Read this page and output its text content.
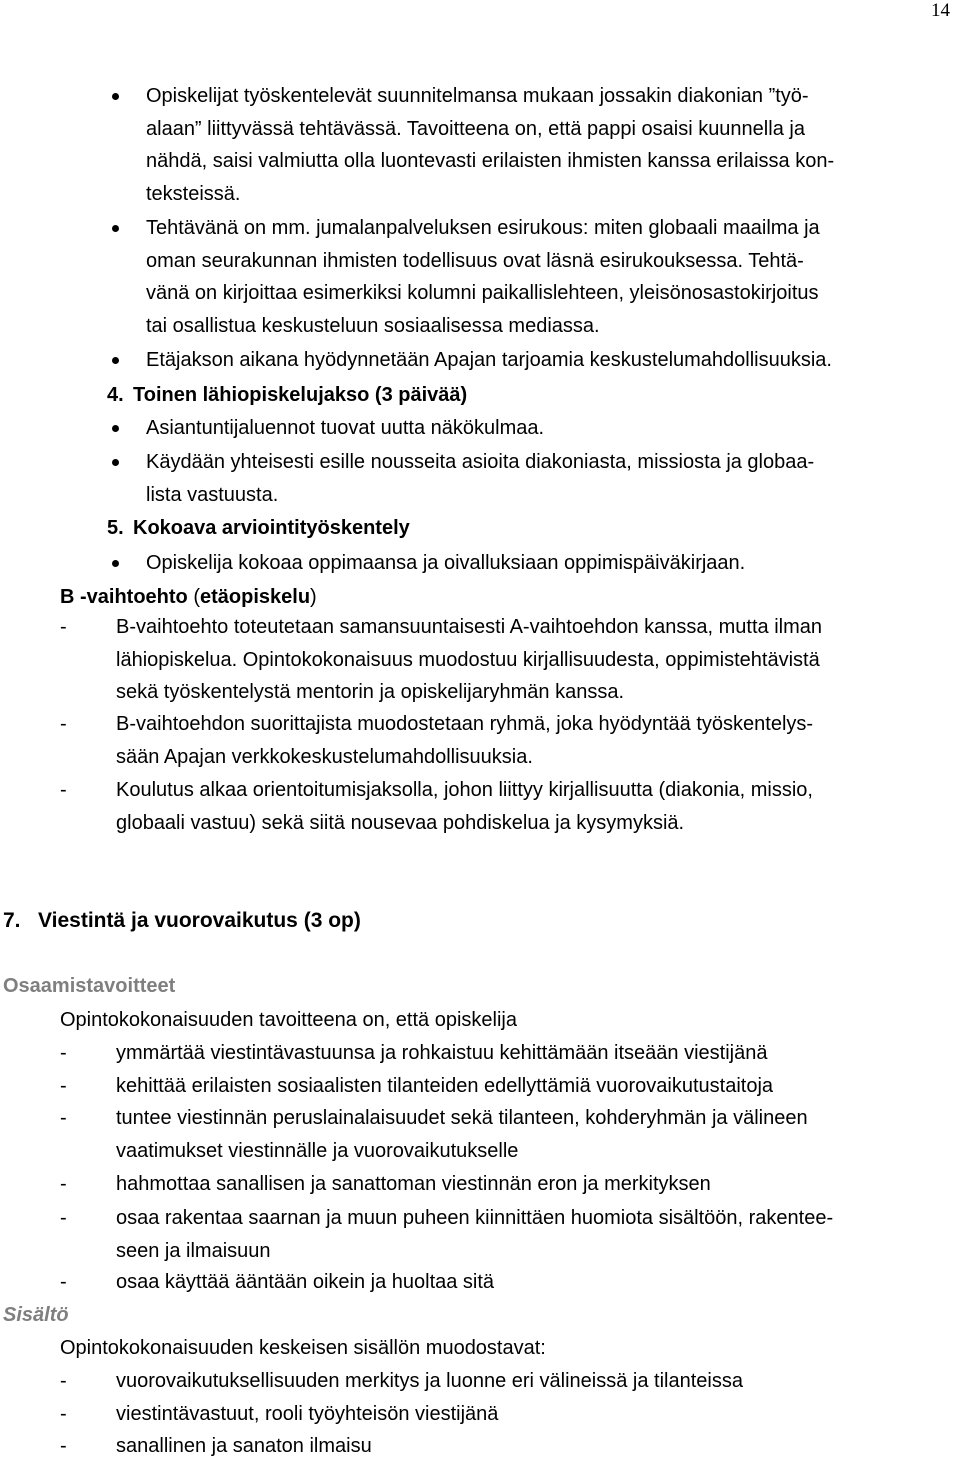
14
Opiskelijat työskentelevät suunnitelmansa mukaan jossakin diakonian ”työ-
alaan” liittyvässä tehtävässä. Tavoitteena on, että pappi osaisi kuunnella ja
nähdä, saisi valmiutta olla luontevasti erilaisten ihmisten kanssa erilaissa kon-
teksteissä.
Tehtävänä on mm. jumalanpalveluksen esirukous: miten globaali maailma ja
oman seurakunnan ihmisten todellisuus ovat läsnä esirukouksessa. Tehtä-
vänä on kirjoittaa esimerkiksi kolumni paikallislehteen, yleisönosastokirjoitus
tai osallistua keskusteluun sosiaalisessa mediassa.
Etäjakson aikana hyödynnetään Apajan tarjoamia keskustelumahdollisuuksia.
4. Toinen lähiopiskelujakso (3 päivää)
Asiantuntijaluennot tuovat uutta näkökulmaa.
Käydään yhteisesti esille nousseita asioita diakoniasta, missiosta ja globaa-
lista vastuusta.
5. Kokoava arviointityöskentely
Opiskelija kokoaa oppimaansa ja oivalluksiaan oppimispäiväkirjaan.
B -vaihtoehto (etäopiskelu)
- B-vaihtoehto toteutetaan samansuuntaisesti A-vaihtoehdon kanssa, mutta ilman
lähiopiskelua. Opintokokonaisuus muodostuu kirjallisuudesta, oppimistehtävistä
sekä työskentelystä mentorin ja opiskelijaryhmän kanssa.
- B-vaihtoehdon suorittajista muodostetaan ryhmä, joka hyödyntää työskentelys-
sään Apajan verkkokeskustelumahdollisuuksia.
- Koulutus alkaa orientoitumisjaksolla, johon liittyy kirjallisuutta (diakonia, missio,
globaali vastuu) sekä siitä nousevaa pohdiskelua ja kysymyksiä.
7. Viestintä ja vuorovaikutus (3 op)
Osaamistavoitteet
Opintokokonaisuuden tavoitteena on, että opiskelija
- ymmärtää viestintävastuunsa ja rohkaistuu kehittämään itseään viestijänä
- kehittää erilaisten sosiaalisten tilanteiden edellyttämiä vuorovaikutustaitoja
- tuntee viestinnän peruslainalaisuudet sekä tilanteen, kohderyhmän ja välineen
vaatimukset viestinnälle ja vuorovaikutukselle
- hahmottaa sanallisen ja sanattoman viestinnän eron ja merkityksen
- osaa rakentaa saarnan ja muun puheen kiinnittäen huomiota sisältöön, rakentee-
seen ja ilmaisuun
- osaa käyttää ääntään oikein ja huoltaa sitä
Sisältö
Opintokokonaisuuden keskeisen sisällön muodostavat:
- vuorovaikutuksellisuuden merkitys ja luonne eri välineissä ja tilanteissa
- viestintävastuut, rooli työyhteisön viestijänä
- sanallinen ja sanaton ilmaisu
